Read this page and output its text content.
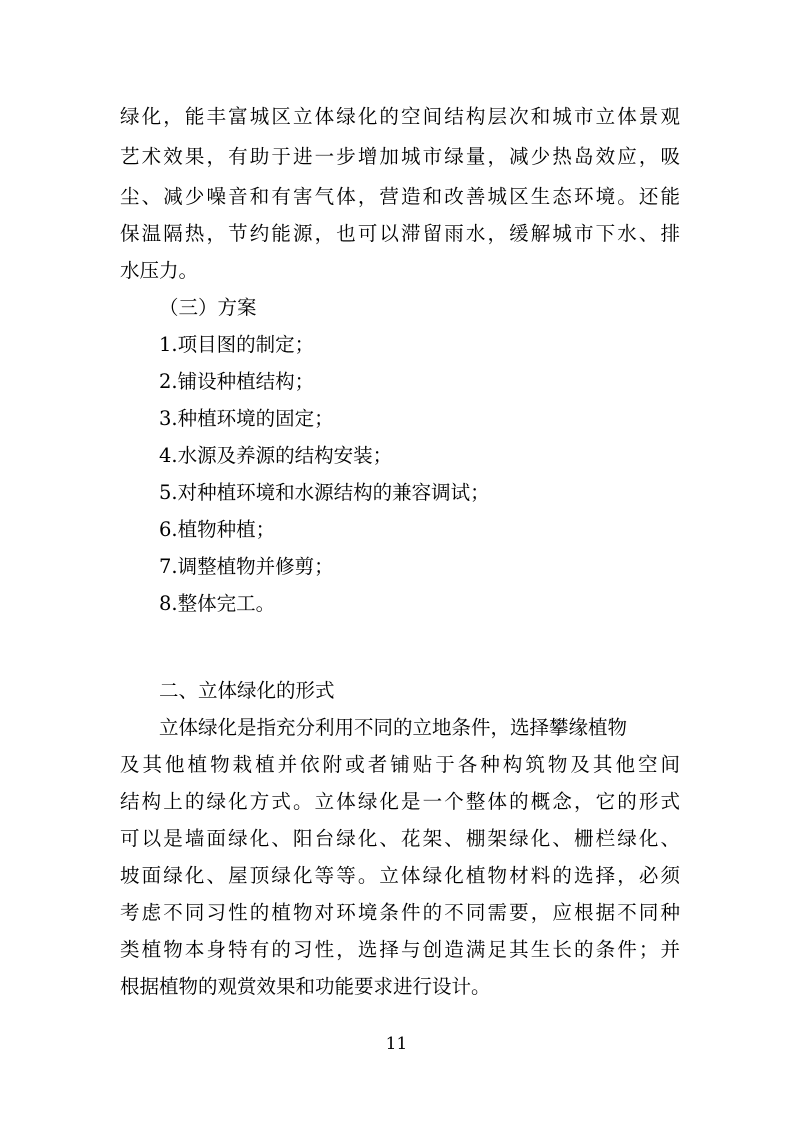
绿化，能丰富城区立体绿化的空间结构层次和城市立体景观
艺术效果，有助于进一步增加城市绿量，减少热岛效应，吸
尘、减少噪音和有害气体，营造和改善城区生态环境。还能
保温隔热，节约能源，也可以滞留雨水，缓解城市下水、排
水压力。
（三）方案
1.项目图的制定；
2.铺设种植结构；
3.种植环境的固定；
4.水源及养源的结构安装；
5.对种植环境和水源结构的兼容调试；
6.植物种植；
7.调整植物并修剪；
8.整体完工。
二、立体绿化的形式
立体绿化是指充分利用不同的立地条件，选择攀缘植物
及其他植物栽植并依附或者铺贴于各种构筑物及其他空间
结构上的绿化方式。立体绿化是一个整体的概念，它的形式
可以是墙面绿化、阳台绿化、花架、棚架绿化、栅栏绿化、
坡面绿化、屋顶绿化等等。立体绿化植物材料的选择，必须
考虑不同习性的植物对环境条件的不同需要，应根据不同种
类植物本身特有的习性，选择与创造满足其生长的条件；并
根据植物的观赏效果和功能要求进行设计。
11
